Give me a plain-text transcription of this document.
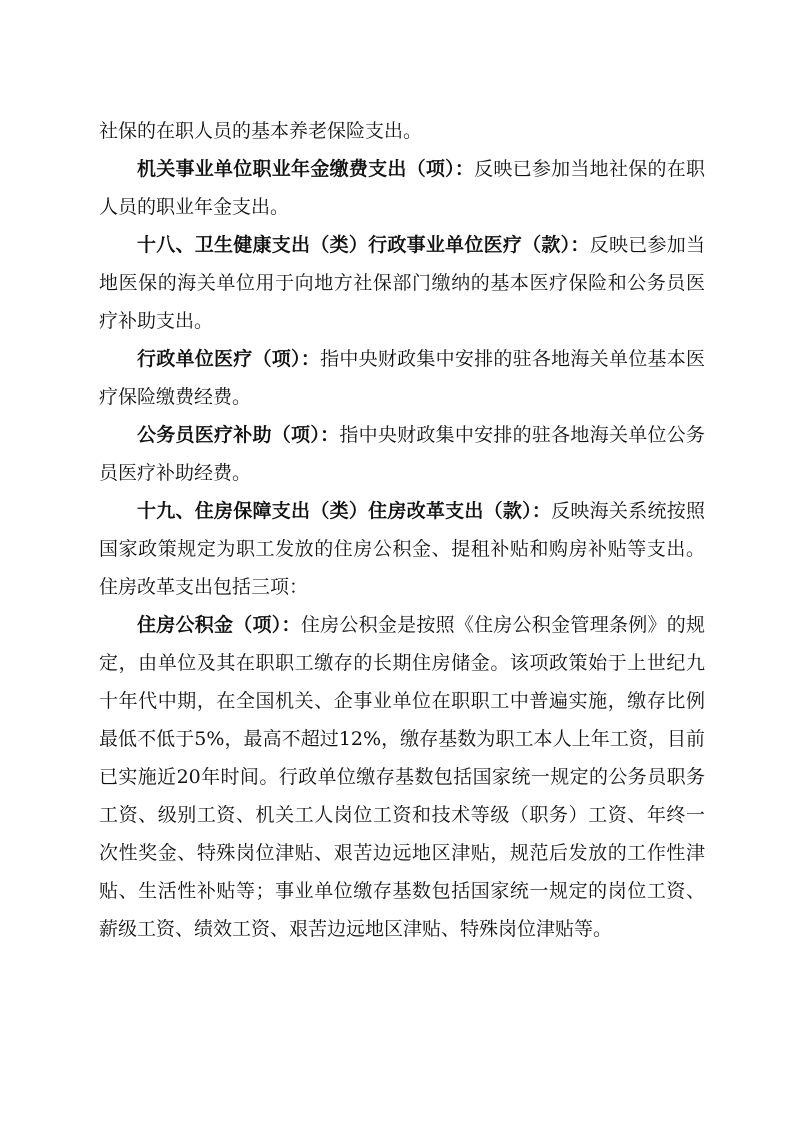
社保的在职人员的基本养老保险支出。

机关事业单位职业年金缴费支出（项）：反映已参加当地社保的在职人员的职业年金支出。

十八、卫生健康支出（类）行政事业单位医疗（款）：反映已参加当地医保的海关单位用于向地方社保部门缴纳的基本医疗保险和公务员医疗补助支出。

行政单位医疗（项）：指中央财政集中安排的驻各地海关单位基本医疗保险缴费经费。

公务员医疗补助（项）：指中央财政集中安排的驻各地海关单位公务员医疗补助经费。

十九、住房保障支出（类）住房改革支出（款）：反映海关系统按照国家政策规定为职工发放的住房公积金、提租补贴和购房补贴等支出。住房改革支出包括三项：

住房公积金（项）：住房公积金是按照《住房公积金管理条例》的规定，由单位及其在职职工缴存的长期住房储金。该项政策始于上世纪九十年代中期，在全国机关、企事业单位在职职工中普遍实施，缴存比例最低不低于5%，最高不超过12%，缴存基数为职工本人上年工资，目前已实施近20年时间。行政单位缴存基数包括国家统一规定的公务员职务工资、级别工资、机关工人岗位工资和技术等级（职务）工资、年终一次性奖金、特殊岗位津贴、艰苦边远地区津贴，规范后发放的工作性津贴、生活性补贴等；事业单位缴存基数包括国家统一规定的岗位工资、薪级工资、绩效工资、艰苦边远地区津贴、特殊岗位津贴等。
